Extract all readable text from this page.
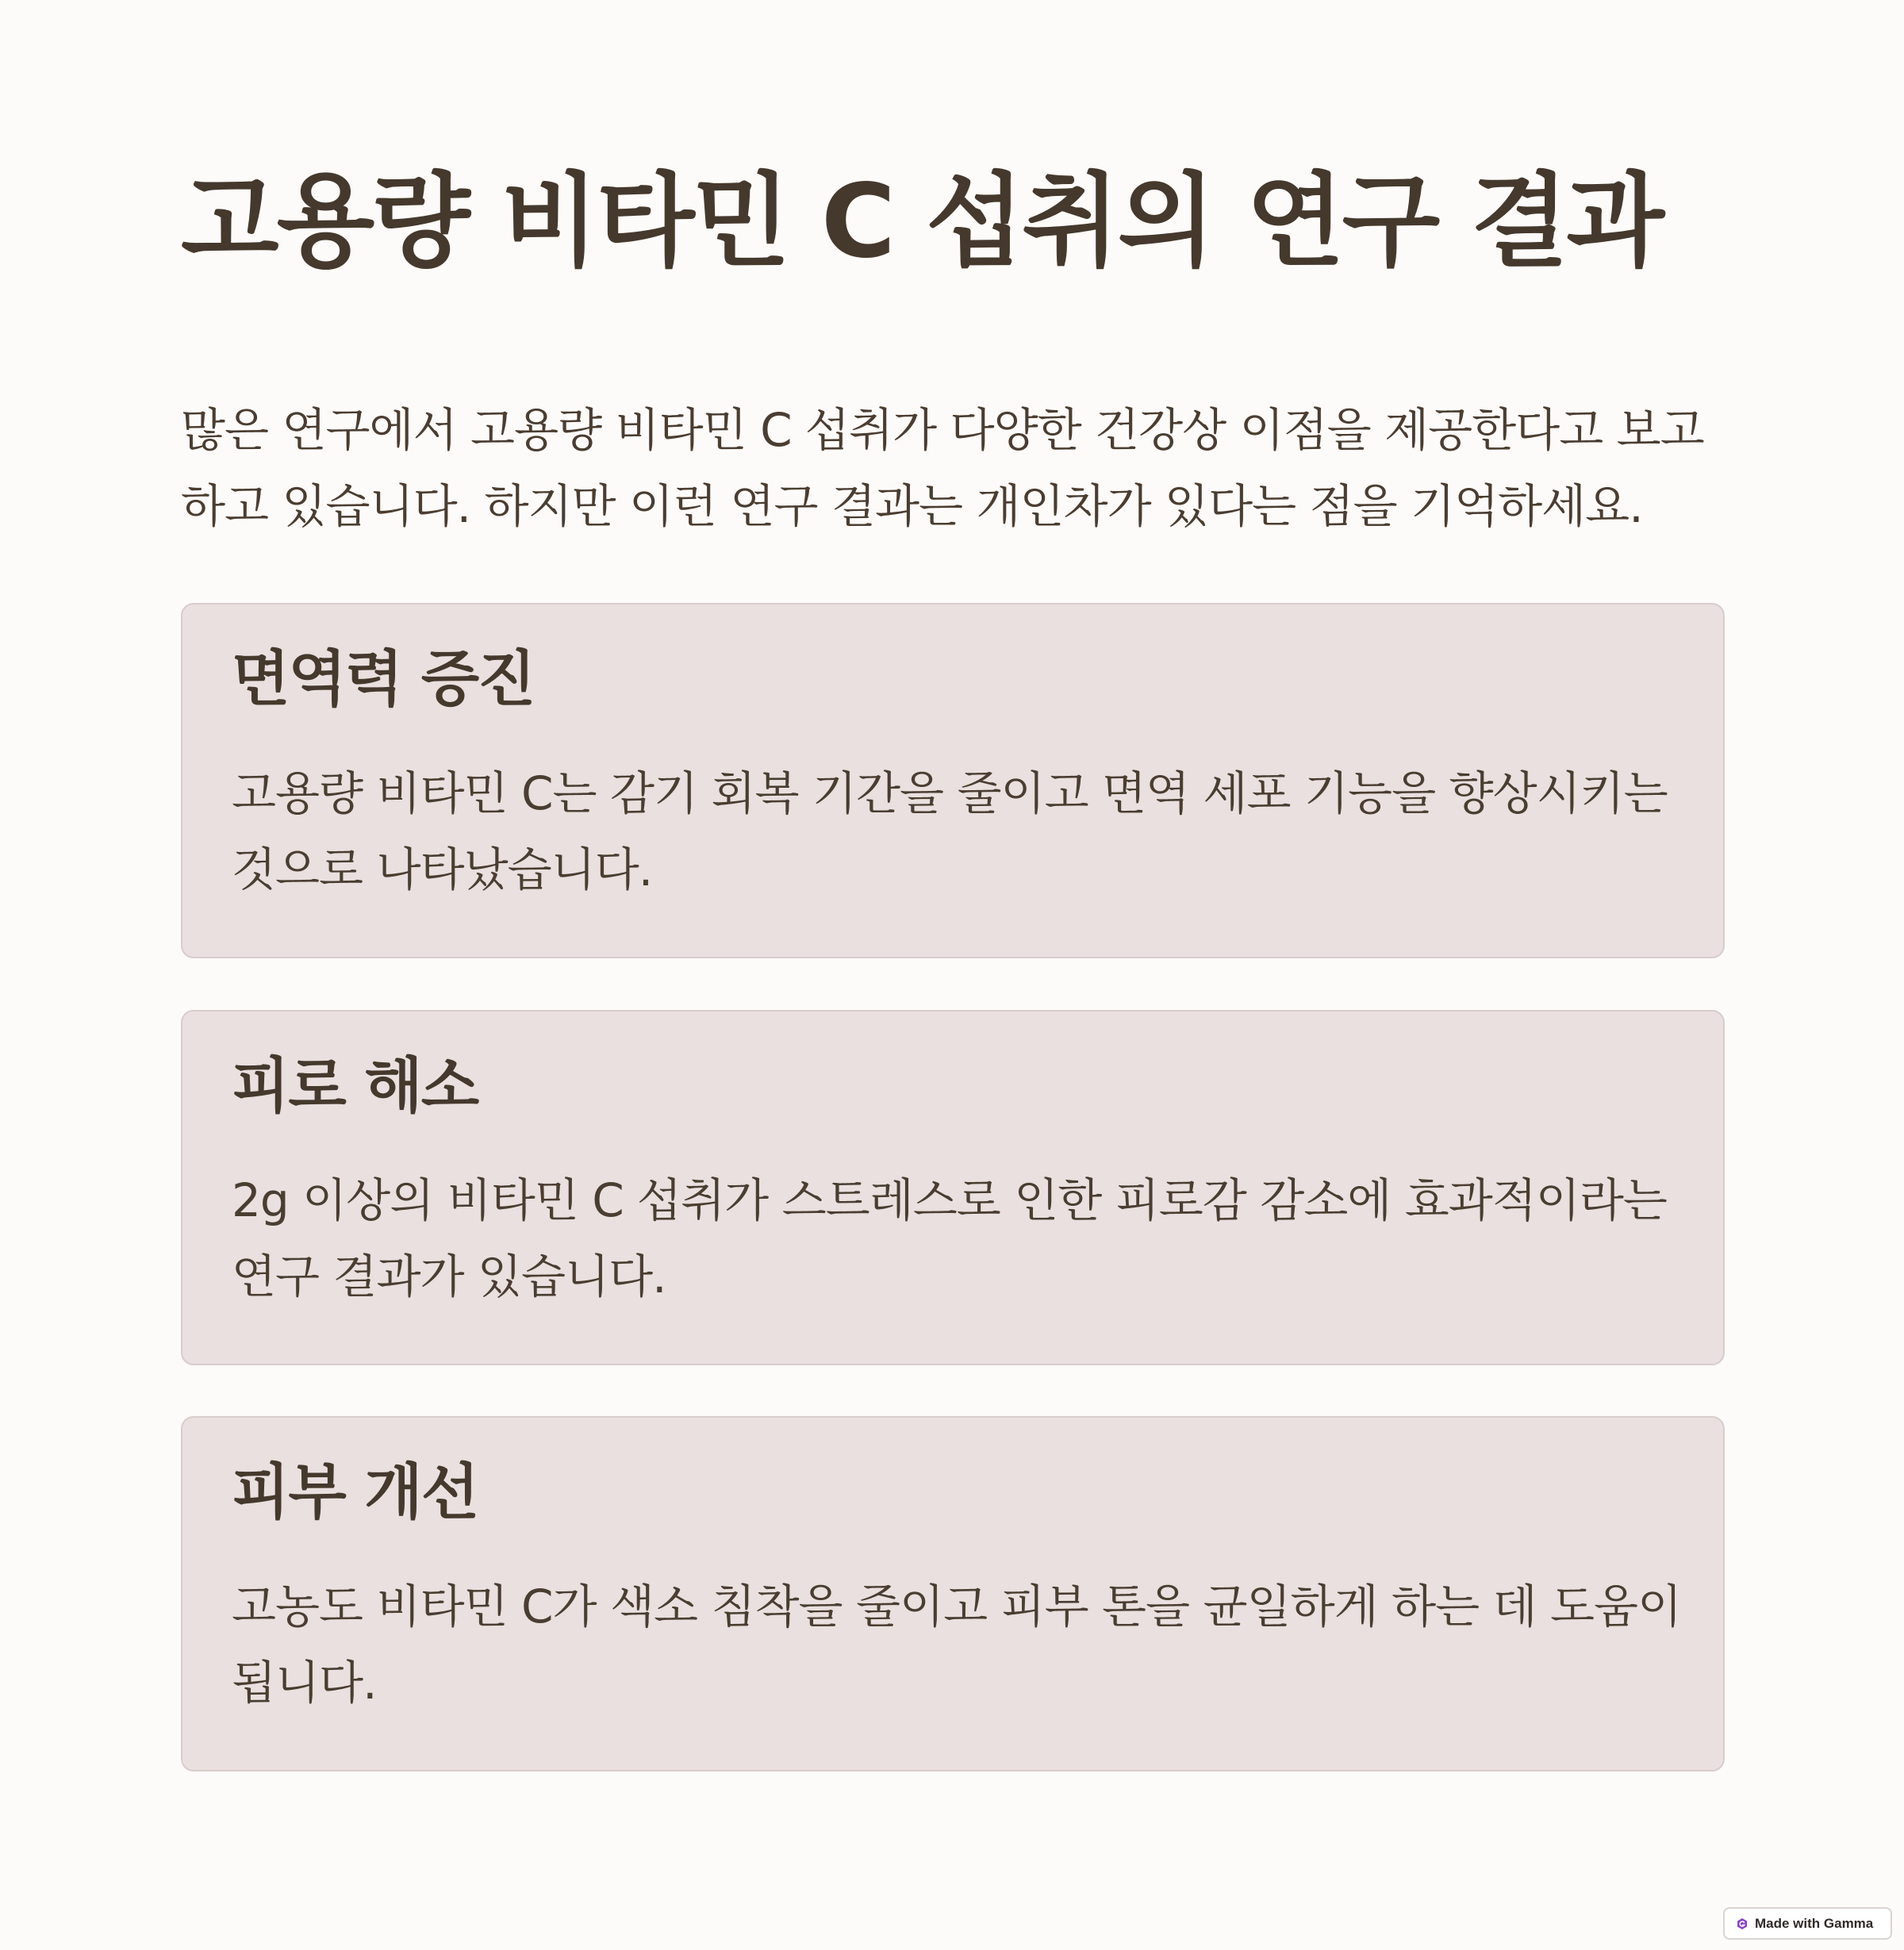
고용량 비타민 C 섭취의 연구 결과

많은 연구에서 고용량 비타민 C 섭취가 다양한 건강상 이점을 제공한다고 보고하고 있습니다. 하지만 이런 연구 결과는 개인차가 있다는 점을 기억하세요.

면역력 증진

고용량 비타민 C는 감기 회복 기간을 줄이고 면역 세포 기능을 향상시키는 것으로 나타났습니다.

피로 해소

2g 이상의 비타민 C 섭취가 스트레스로 인한 피로감 감소에 효과적이라는 연구 결과가 있습니다.

피부 개선

고농도 비타민 C가 색소 침착을 줄이고 피부 톤을 균일하게 하는 데 도움이 됩니다.

Made with Gamma
